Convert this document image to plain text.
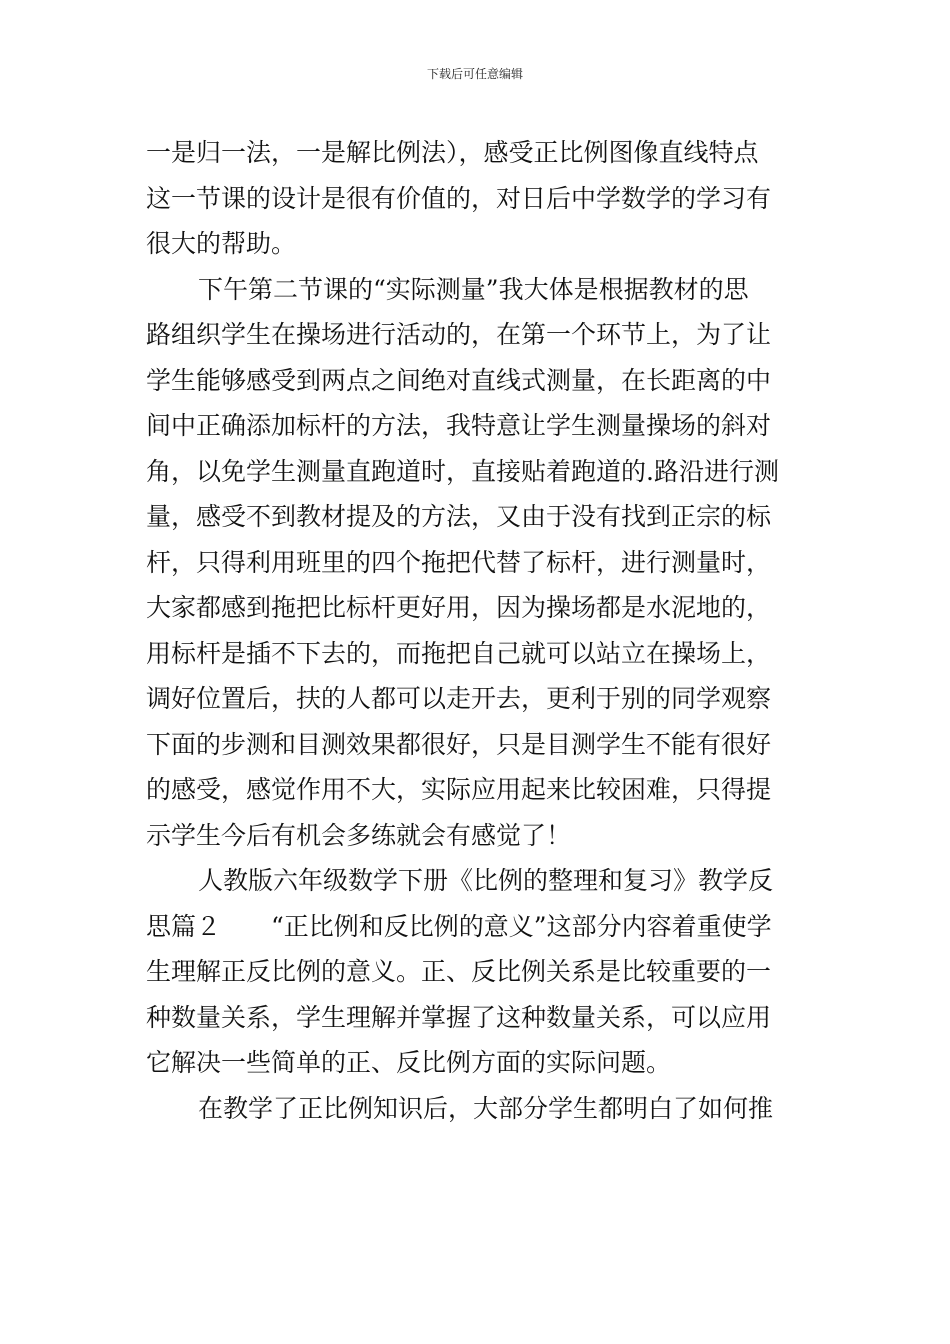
下载后可任意编辑
一是归一法，一是解比例法），感受正比例图像直线特点
这一节课的设计是很有价值的，对日后中学数学的学习有
很大的帮助。
下午第二节课的“实际测量”我大体是根据教材的思
路组织学生在操场进行活动的，在第一个环节上，为了让
学生能够感受到两点之间绝对直线式测量，在长距离的中
间中正确添加标杆的方法，我特意让学生测量操场的斜对
角，以免学生测量直跑道时，直接贴着跑道的.路沿进行测
量，感受不到教材提及的方法，又由于没有找到正宗的标
杆，只得利用班里的四个拖把代替了标杆，进行测量时，
大家都感到拖把比标杆更好用，因为操场都是水泥地的，
用标杆是插不下去的，而拖把自己就可以站立在操场上，
调好位置后，扶的人都可以走开去，更利于别的同学观察
下面的步测和目测效果都很好，只是目测学生不能有很好
的感受，感觉作用不大，实际应用起来比较困难，只得提
示学生今后有机会多练就会有感觉了！
人教版六年级数学下册《比例的整理和复习》教学反
思篇２　　“正比例和反比例的意义”这部分内容着重使学
生理解正反比例的意义。正、反比例关系是比较重要的一
种数量关系，学生理解并掌握了这种数量关系，可以应用
它解决一些简单的正、反比例方面的实际问题。
在教学了正比例知识后，大部分学生都明白了如何推
